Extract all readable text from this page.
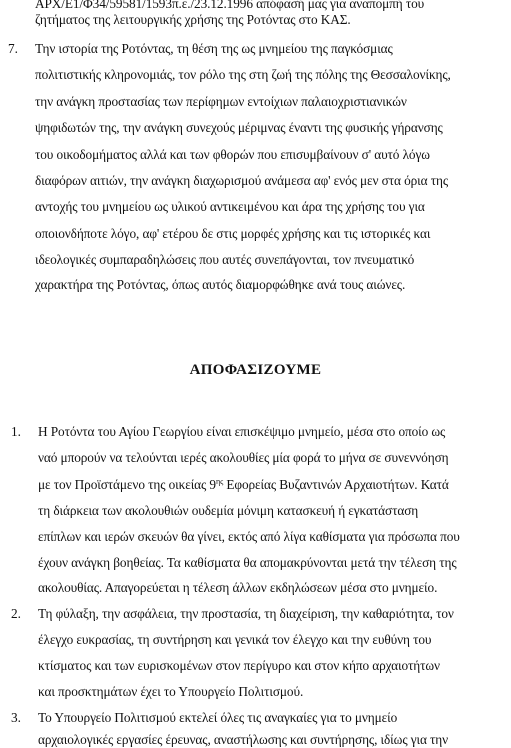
ΑΡΧ/Ε1/Φ34/59581/1593π.ε./23.12.1996 απόφασή μας για αναπομπή του
ζητήματος της λειτουργικής χρήσης της Ροτόντας στο ΚΑΣ.
7. Την ιστορία της Ροτόντας, τη θέση της ως μνημείου της παγκόσμιας
πολιτιστικής κληρονομιάς, τον ρόλο της στη ζωή της πόλης της Θεσσαλονίκης,
την ανάγκη προστασίας των περίφημων εντοίχιων παλαιοχριστιανικών
ψηφιδωτών της, την ανάγκη συνεχούς μέριμνας έναντι της φυσικής γήρανσης
του οικοδομήματος αλλά και των φθορών που επισυμβαίνουν σ' αυτό λόγω
διαφόρων αιτιών, την ανάγκη διαχωρισμού ανάμεσα αφ' ενός μεν στα όρια της
αντοχής του μνημείου ως υλικού αντικειμένου και άρα της χρήσης του για
οποιονδήποτε λόγο, αφ' ετέρου δε στις μορφές χρήσης και τις ιστορικές και
ιδεολογικές συμπαραδηλώσεις που αυτές συνεπάγονται, τον πνευματικό
χαρακτήρα της Ροτόντας, όπως αυτός διαμορφώθηκε ανά τους αιώνες.
ΑΠΟΦΑΣΙΖΟΥΜΕ
1. Η Ροτόντα του Αγίου Γεωργίου είναι επισκέψιμο μνημείο, μέσα στο οποίο ως
ναό μπορούν να τελούνται ιερές ακολουθίες μία φορά το μήνα σε συνεννόηση
με τον Προϊστάμενο της οικείας $9^{\eta\varsigma}$ Εφορείας Βυζαντινών Αρχαιοτήτων. Κατά
τη διάρκεια των ακολουθιών ουδεμία μόνιμη κατασκευή ή εγκατάσταση
επίπλων και ιερών σκευών θα γίνει, εκτός από λίγα καθίσματα για πρόσωπα που
έχουν ανάγκη βοηθείας. Τα καθίσματα θα απομακρύνονται μετά την τέλεση της
ακολουθίας. Απαγορεύεται η τέλεση άλλων εκδηλώσεων μέσα στο μνημείο.
2. Τη φύλαξη, την ασφάλεια, την προστασία, τη διαχείριση, την καθαριότητα, τον
έλεγχο ευκρασίας, τη συντήρηση και γενικά τον έλεγχο και την ευθύνη του
κτίσματος και των ευρισκομένων στον περίγυρο και στον κήπο αρχαιοτήτων
και προσκτημάτων έχει το Υπουργείο Πολιτισμού.
3. Το Υπουργείο Πολιτισμού εκτελεί όλες τις αναγκαίες για το μνημείο
αρχαιολογικές εργασίες έρευνας, αναστήλωσης και συντήρησης, ιδίως για την
